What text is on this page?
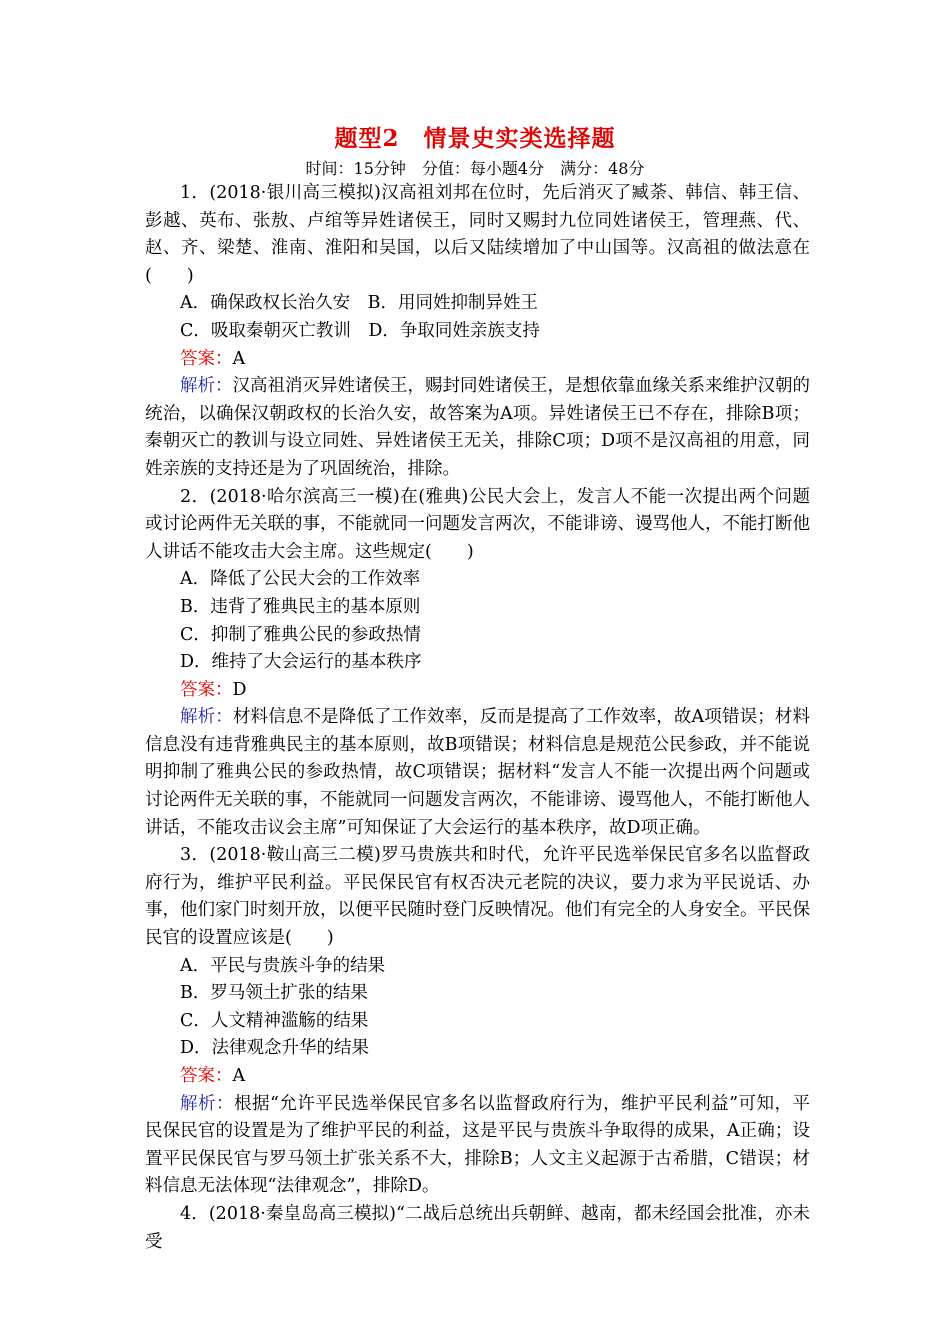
题型2　情景史实类选择题
时间：15分钟　分值：每小题4分　满分：48分

1．(2018·银川高三模拟)汉高祖刘邦在位时，先后消灭了臧荼、韩信、韩王信、彭越、英布、张敖、卢绾等异姓诸侯王，同时又赐封九位同姓诸侯王，管理燕、代、赵、齐、梁楚、淮南、淮阳和吴国，以后又陆续增加了中山国等。汉高祖的做法意在(　　)

A．确保政权长治久安　B．用同姓抑制异姓王

C．吸取秦朝灭亡教训　D．争取同姓亲族支持

答案：A

解析：汉高祖消灭异姓诸侯王，赐封同姓诸侯王，是想依靠血缘关系来维护汉朝的统治，以确保汉朝政权的长治久安，故答案为A项。异姓诸侯王已不存在，排除B项；秦朝灭亡的教训与设立同姓、异姓诸侯王无关，排除C项；D项不是汉高祖的用意，同姓亲族的支持还是为了巩固统治，排除。

2．(2018·哈尔滨高三一模)在(雅典)公民大会上，发言人不能一次提出两个问题或讨论两件无关联的事，不能就同一问题发言两次，不能诽谤、谩骂他人，不能打断他人讲话不能攻击大会主席。这些规定(　　)

A．降低了公民大会的工作效率

B．违背了雅典民主的基本原则

C．抑制了雅典公民的参政热情

D．维持了大会运行的基本秩序

答案：D

解析：材料信息不是降低了工作效率，反而是提高了工作效率，故A项错误；材料信息没有违背雅典民主的基本原则，故B项错误；材料信息是规范公民参政，并不能说明抑制了雅典公民的参政热情，故C项错误；据材料“发言人不能一次提出两个问题或讨论两件无关联的事，不能就同一问题发言两次，不能诽谤、谩骂他人，不能打断他人讲话，不能攻击议会主席”可知保证了大会运行的基本秩序，故D项正确。

3．(2018·鞍山高三二模)罗马贵族共和时代，允许平民选举保民官多名以监督政府行为，维护平民利益。平民保民官有权否决元老院的决议，要力求为平民说话、办事，他们家门时刻开放，以便平民随时登门反映情况。他们有完全的人身安全。平民保民官的设置应该是(　　)

A．平民与贵族斗争的结果

B．罗马领土扩张的结果

C．人文精神滥觞的结果

D．法律观念升华的结果

答案：A

解析：根据“允许平民选举保民官多名以监督政府行为，维护平民利益”可知，平民保民官的设置是为了维护平民的利益，这是平民与贵族斗争取得的成果，A正确；设置平民保民官与罗马领土扩张关系不大，排除B；人文主义起源于古希腊，C错误；材料信息无法体现“法律观念”，排除D。

4．(2018·秦皇岛高三模拟)“二战后总统出兵朝鲜、越南，都未经国会批准，亦未受
